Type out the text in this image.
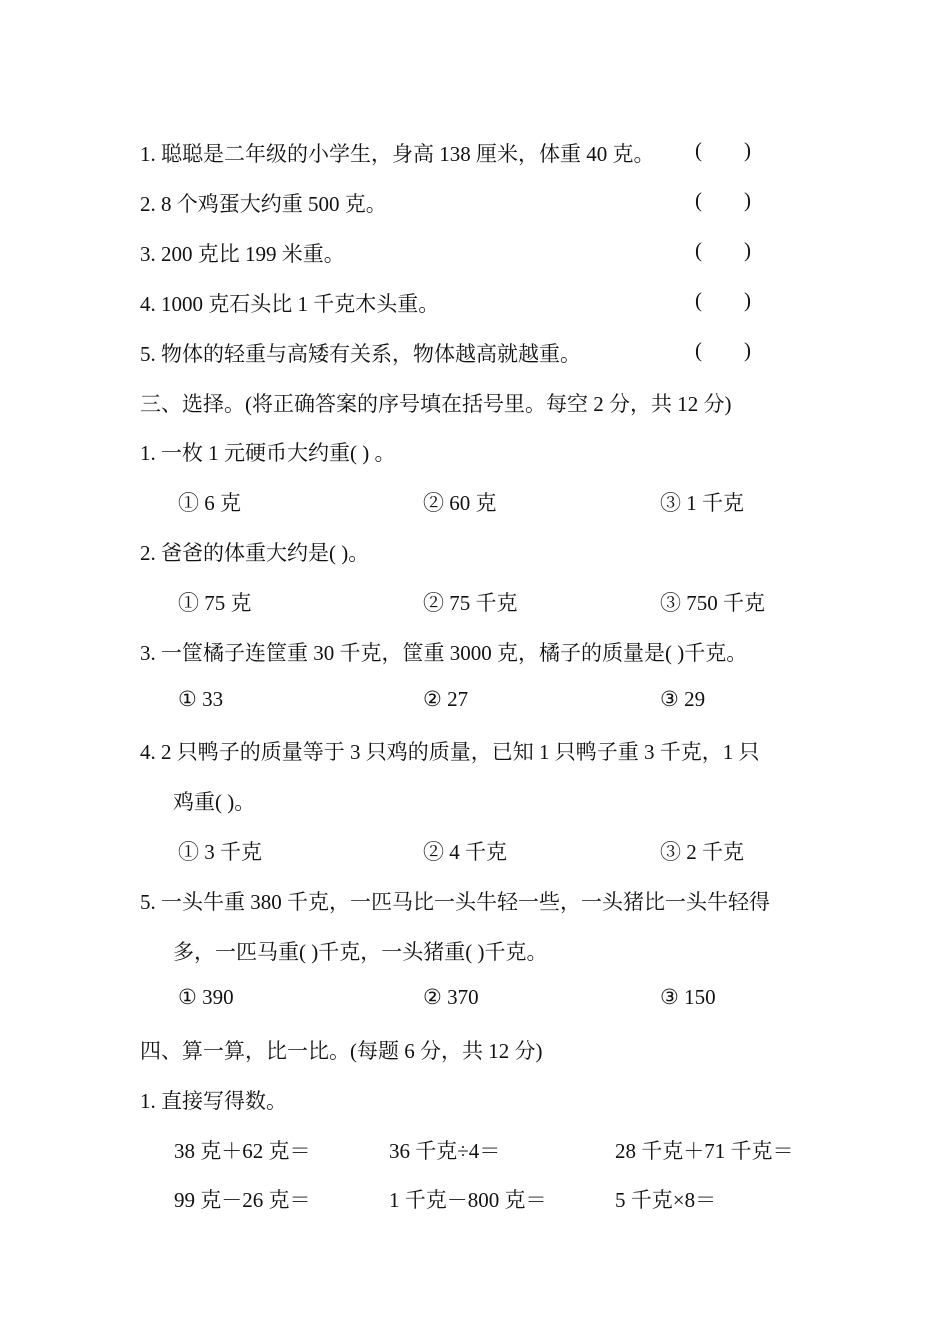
1. 聪聪是二年级的小学生，身高 138 厘米，体重 40 克。 (        )
2. 8 个鸡蛋大约重 500 克。	(        )
3. 200 克比 199 米重。	(        )
4. 1000 克石头比 1 千克木头重。	(        )
5. 物体的轻重与高矮有关系，物体越高就越重。	(        )
三、选择。(将正确答案的序号填在括号里。每空 2 分，共 12 分)
1. 一枚 1 元硬币大约重( ) 。
① 6 克	② 60 克	③ 1 千克
2. 爸爸的体重大约是( )。
① 75 克	② 75 千克	③ 750 千克
3. 一筐橘子连筐重 30 千克，筐重 3000 克，橘子的质量是( )千克。
① 33	② 27	③ 29
4. 2 只鸭子的质量等于 3 只鸡的质量，已知 1 只鸭子重 3 千克，1 只
鸡重( )。
① 3 千克	② 4 千克	③ 2 千克
5. 一头牛重 380 千克，一匹马比一头牛轻一些，一头猪比一头牛轻得
多，一匹马重( )千克，一头猪重( )千克。
① 390	② 370	③ 150
四、算一算，比一比。(每题 6 分，共 12 分)
1. 直接写得数。
38 克＋62 克＝	36 千克÷4＝	28 千克＋71 千克＝
99 克－26 克＝	1 千克－800 克＝	5 千克×8＝
